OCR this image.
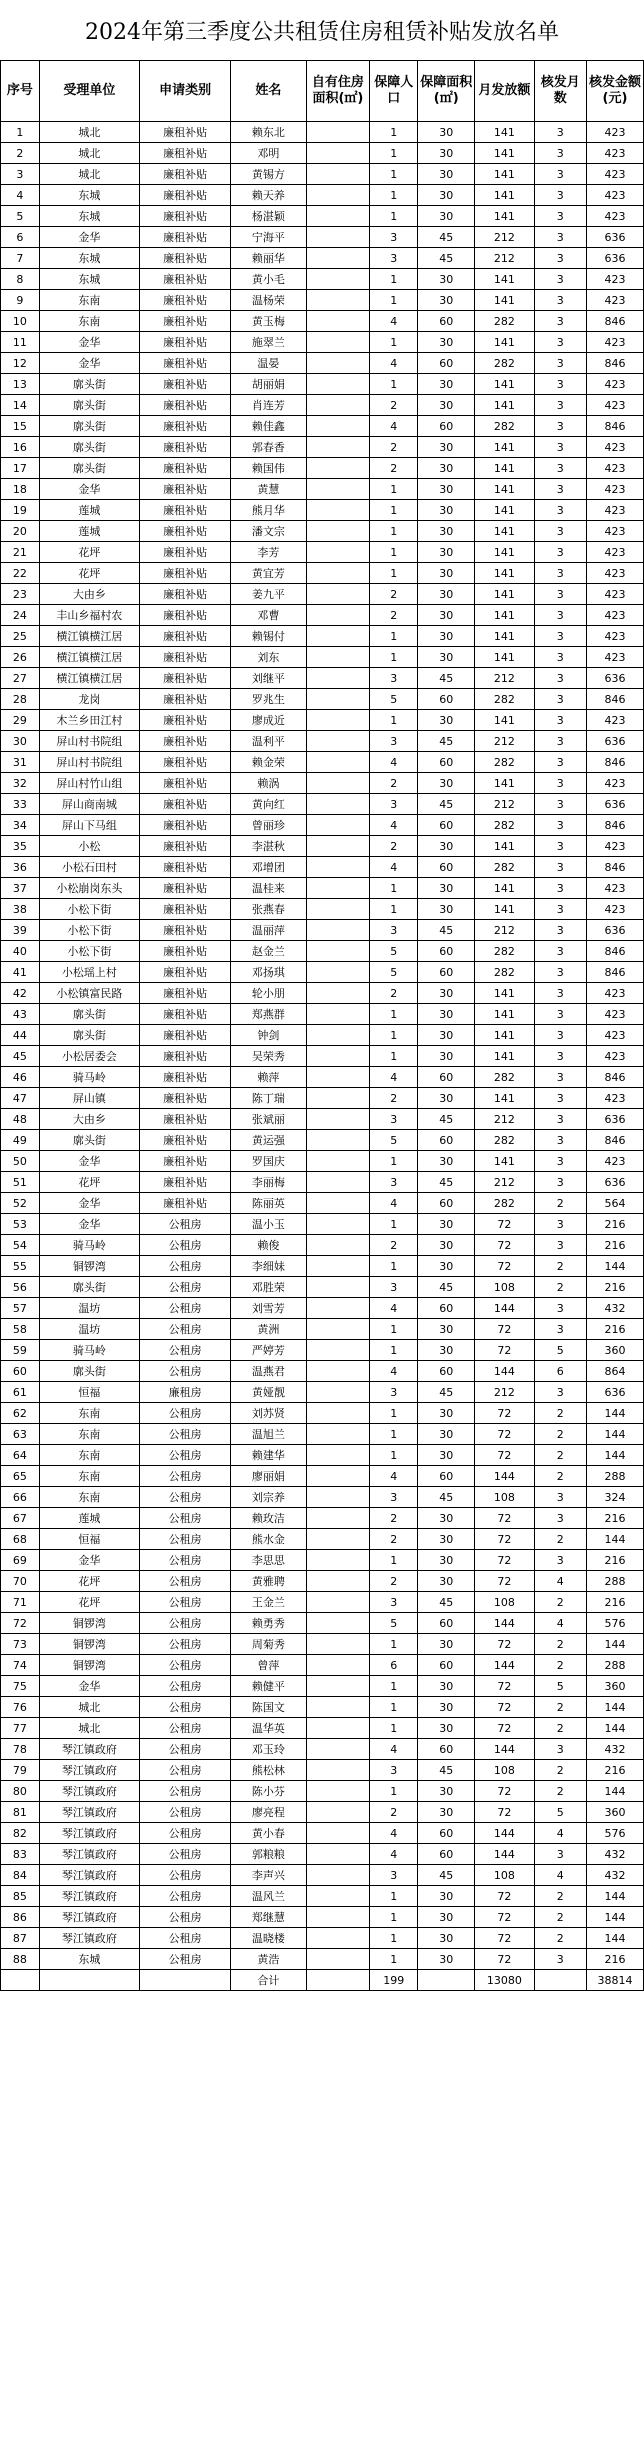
2024年第三季度公共租赁住房租赁补贴发放名单
序号	受理单位	申请类别	姓名	自有住房面积(㎡)	保障人口	保障面积(㎡)	月发放额	核发月数	核发金额(元)
1	城北	廉租补贴	赖东北		1	30	141	3	423
2	城北	廉租补贴	邓明		1	30	141	3	423
3	城北	廉租补贴	黄锡方		1	30	141	3	423
4	东城	廉租补贴	赖天养		1	30	141	3	423
5	东城	廉租补贴	杨湛颖		1	30	141	3	423
6	金华	廉租补贴	宁海平		3	45	212	3	636
7	东城	廉租补贴	赖丽华		3	45	212	3	636
8	东城	廉租补贴	黄小毛		1	30	141	3	423
9	东南	廉租补贴	温杨荣		1	30	141	3	423
10	东南	廉租补贴	黄玉梅		4	60	282	3	846
11	金华	廉租补贴	施翠兰		1	30	141	3	423
12	金华	廉租补贴	温晏		4	60	282	3	846
13	廓头街	廉租补贴	胡丽娟		1	30	141	3	423
14	廓头街	廉租补贴	肖连芳		2	30	141	3	423
15	廓头街	廉租补贴	赖佳鑫		4	60	282	3	846
16	廓头街	廉租补贴	郭春香		2	30	141	3	423
17	廓头街	廉租补贴	赖国伟		2	30	141	3	423
18	金华	廉租补贴	黄慧		1	30	141	3	423
19	莲城	廉租补贴	熊月华		1	30	141	3	423
20	莲城	廉租补贴	潘文宗		1	30	141	3	423
21	花坪	廉租补贴	李芳		1	30	141	3	423
22	花坪	廉租补贴	黄宜芳		1	30	141	3	423
23	大由乡	廉租补贴	姜九平		2	30	141	3	423
24	丰山乡福村农	廉租补贴	邓曹		2	30	141	3	423
25	横江镇横江居	廉租补贴	赖锡付		1	30	141	3	423
26	横江镇横江居	廉租补贴	刘东		1	30	141	3	423
27	横江镇横江居	廉租补贴	刘继平		3	45	212	3	636
28	龙岗	廉租补贴	罗兆生		5	60	282	3	846
29	木兰乡田江村	廉租补贴	廖成近		1	30	141	3	423
30	屏山村书院组	廉租补贴	温利平		3	45	212	3	636
31	屏山村书院组	廉租补贴	赖金荣		4	60	282	3	846
32	屏山村竹山组	廉租补贴	赖涡		2	30	141	3	423
33	屏山商南城	廉租补贴	黄向红		3	45	212	3	636
34	屏山下马组	廉租补贴	曾丽珍		4	60	282	3	846
35	小松	廉租补贴	李湛秋		2	30	141	3	423
36	小松石田村	廉租补贴	邓增团		4	60	282	3	846
37	小松崩岗东头	廉租补贴	温桂来		1	30	141	3	423
38	小松下街	廉租补贴	张燕春		1	30	141	3	423
39	小松下街	廉租补贴	温丽萍		3	45	212	3	636
40	小松下街	廉租补贴	赵金兰		5	60	282	3	846
41	小松瑶上村	廉租补贴	邓扬琪		5	60	282	3	846
42	小松镇富民路	廉租补贴	轮小朋		2	30	141	3	423
43	廓头街	廉租补贴	郑燕群		1	30	141	3	423
44	廓头街	廉租补贴	钟剑		1	30	141	3	423
45	小松居委会	廉租补贴	吴荣秀		1	30	141	3	423
46	骑马岭	廉租补贴	赖萍		4	60	282	3	846
47	屏山镇	廉租补贴	陈丁瑞		2	30	141	3	423
48	大由乡	廉租补贴	张斌丽		3	45	212	3	636
49	廓头街	廉租补贴	黄运强		5	60	282	3	846
50	金华	廉租补贴	罗国庆		1	30	141	3	423
51	花坪	廉租补贴	李丽梅		3	45	212	3	636
52	金华	廉租补贴	陈丽英		4	60	282	2	564
53	金华	公租房	温小玉		1	30	72	3	216
54	骑马岭	公租房	赖俊		2	30	72	3	216
55	铜锣湾	公租房	李细妹		1	30	72	2	144
56	廓头街	公租房	邓胜荣		3	45	108	2	216
57	温坊	公租房	刘雪芳		4	60	144	3	432
58	温坊	公租房	黄洲		1	30	72	3	216
59	骑马岭	公租房	严婷芳		1	30	72	5	360
60	廓头街	公租房	温燕君		4	60	144	6	864
61	恒福	廉租房	黄娅靓		3	45	212	3	636
62	东南	公租房	刘苏贤		1	30	72	2	144
63	东南	公租房	温旭兰		1	30	72	2	144
64	东南	公租房	赖建华		1	30	72	2	144
65	东南	公租房	廖丽娟		4	60	144	2	288
66	东南	公租房	刘宗养		3	45	108	3	324
67	莲城	公租房	赖玫洁		2	30	72	3	216
68	恒福	公租房	熊水金		2	30	72	2	144
69	金华	公租房	李思思		1	30	72	3	216
70	花坪	公租房	黄雅聘		2	30	72	4	288
71	花坪	公租房	王金兰		3	45	108	2	216
72	铜锣湾	公租房	赖勇秀		5	60	144	4	576
73	铜锣湾	公租房	周菊秀		1	30	72	2	144
74	铜锣湾	公租房	曾萍		6	60	144	2	288
75	金华	公租房	赖健平		1	30	72	5	360
76	城北	公租房	陈国文		1	30	72	2	144
77	城北	公租房	温华英		1	30	72	2	144
78	琴江镇政府	公租房	邓玉玲		4	60	144	3	432
79	琴江镇政府	公租房	熊松林		3	45	108	2	216
80	琴江镇政府	公租房	陈小芬		1	30	72	2	144
81	琴江镇政府	公租房	廖亮程		2	30	72	5	360
82	琴江镇政府	公租房	黄小春		4	60	144	4	576
83	琴江镇政府	公租房	郭粮粮		4	60	144	3	432
84	琴江镇政府	公租房	李声兴		3	45	108	4	432
85	琴江镇政府	公租房	温风兰		1	30	72	2	144
86	琴江镇政府	公租房	郑继慧		1	30	72	2	144
87	琴江镇政府	公租房	温晓楼		1	30	72	2	144
88	东城	公租房	黄浩		1	30	72	3	216
			合计		199		13080		38814
